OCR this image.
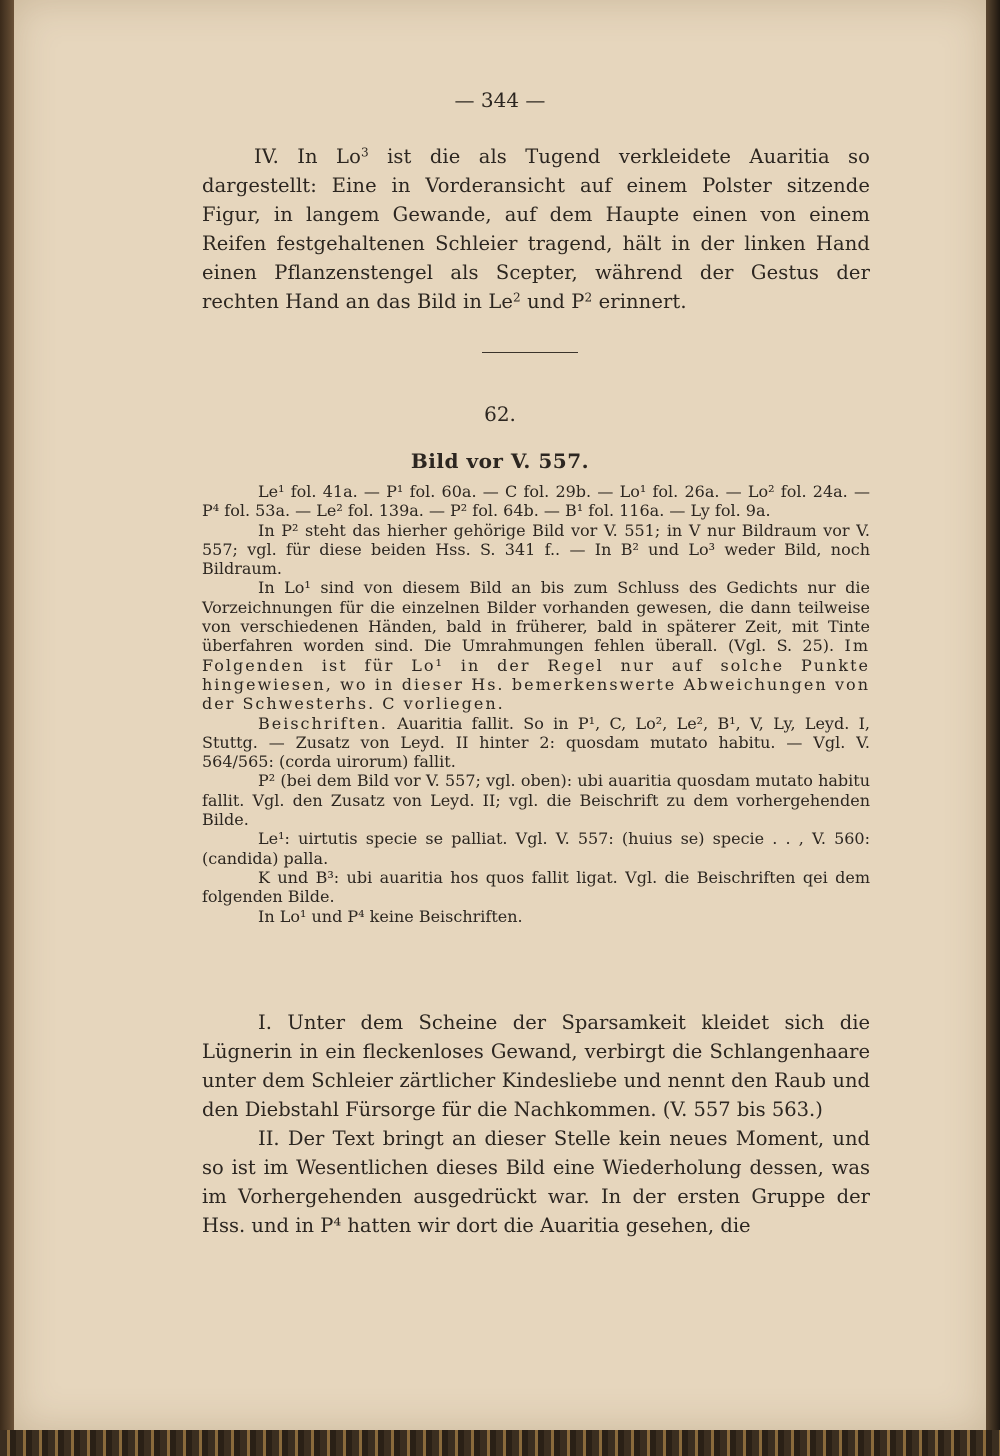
— 344 —

IV. In Lo$^3$ ist die als Tugend verkleidete Auaritia so dargestellt: Eine in Vorderansicht auf einem Polster sitzende Figur, in langem Gewande, auf dem Haupte einen von einem Reifen festgehaltenen Schleier tragend, hält in der linken Hand einen Pflanzenstengel als Scepter, während der Gestus der rechten Hand an das Bild in Le$^2$ und $P^2$ erinnert.

62.
Bild vor V. 557.

Le¹ fol. 41a. — P¹ fol. 60a. — C fol. 29b. — Lo¹ fol. 26a. — Lo² fol. 24a. — P⁴ fol. 53a. — Le² fol. 139a. — P² fol. 64b. — B¹ fol. 116a. — Ly fol. 9a.

In P² steht das hierher gehörige Bild vor V. 551; in V nur Bildraum vor V. 557; vgl. für diese beiden Hss. S. 341 f.. — In B² und Lo³ weder Bild, noch Bildraum.

In Lo¹ sind von diesem Bild an bis zum Schluss des Gedichts nur die Vorzeichnungen für die einzelnen Bilder vorhanden gewesen, die dann teilweise von verschiedenen Händen, bald in früherer, bald in späterer Zeit, mit Tinte überfahren worden sind. Die Umrahmungen fehlen überall. (Vgl. S. 25). Im Folgenden ist für Lo¹ in der Regel nur auf solche Punkte hingewiesen, wo in dieser Hs. bemerkenswerte Abweichungen von der Schwesterhs. C vorliegen.

Beischriften. Auaritia fallit. So in P¹, C, Lo², Le², B¹, V, Ly, Leyd. I, Stuttg. — Zusatz von Leyd. II hinter 2: quosdam mutato habitu. — Vgl. V. 564/565: (corda uirorum) fallit.

P² (bei dem Bild vor V. 557; vgl. oben): ubi auaritia quosdam mutato habitu fallit. Vgl. den Zusatz von Leyd. II; vgl. die Beischrift zu dem vorhergehenden Bilde.

Le¹: uirtutis specie se palliat. Vgl. V. 557: (huius se) specie . . , V. 560: (candida) palla.

K und B³: ubi auaritia hos quos fallit ligat. Vgl. die Beischriften qei dem folgenden Bilde.

In Lo¹ und P⁴ keine Beischriften.

I. Unter dem Scheine der Sparsamkeit kleidet sich die Lügnerin in ein fleckenloses Gewand, verbirgt die Schlangenhaare unter dem Schleier zärtlicher Kindesliebe und nennt den Raub und den Diebstahl Fürsorge für die Nachkommen. (V. 557 bis 563.)

II. Der Text bringt an dieser Stelle kein neues Moment, und so ist im Wesentlichen dieses Bild eine Wiederholung dessen, was im Vorhergehenden ausgedrückt war. In der ersten Gruppe der Hss. und in P⁴ hatten wir dort die Auaritia gesehen, die
